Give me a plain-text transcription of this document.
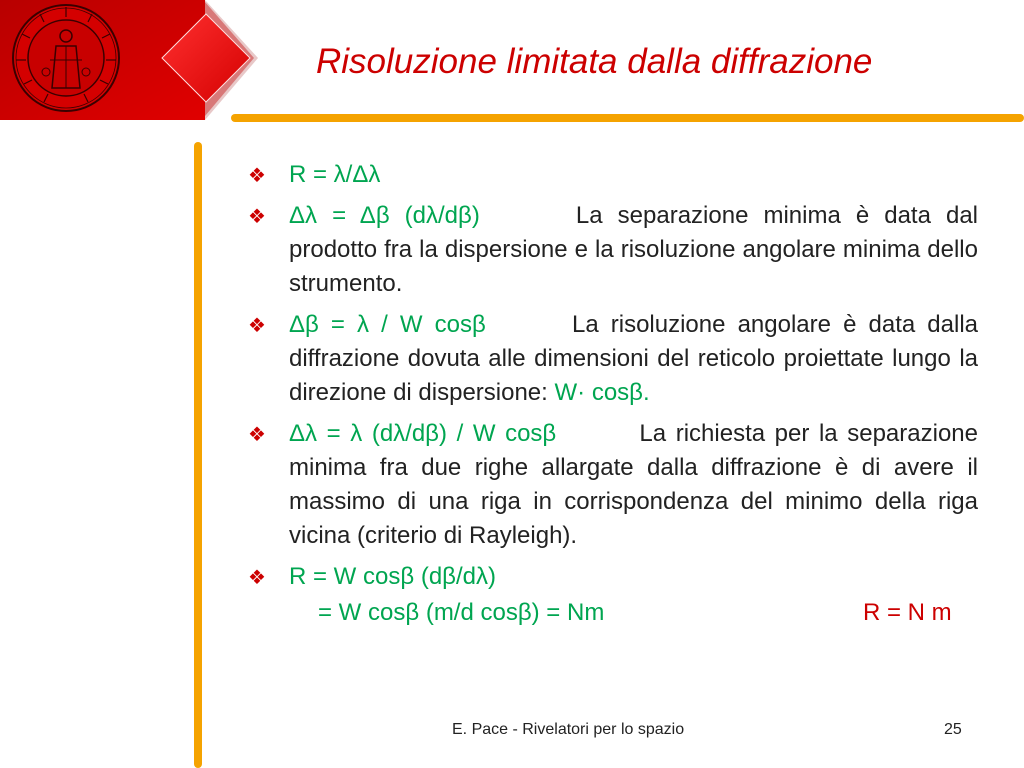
Risoluzione limitata dalla diffrazione
❖ R = λ/Δλ
❖ Δλ = Δβ (dλ/dβ)	La separazione minima è data dal prodotto fra la dispersione e la risoluzione angolare minima dello strumento.
❖ Δβ = λ / W cosβ	La risoluzione angolare è data dalla diffrazione dovuta alle dimensioni del reticolo proiettate lungo la direzione di dispersione: W· cosβ.
❖ Δλ = λ (dλ/dβ) / W cosβ	La richiesta per la separazione minima fra due righe allargate dalla diffrazione è di avere il massimo di una riga in corrispondenza del minimo della riga vicina (criterio di Rayleigh).
❖ R = W cosβ (dβ/dλ)
= W cosβ (m/d cosβ) = Nm	R = N m
E. Pace - Rivelatori per lo spazio	25
